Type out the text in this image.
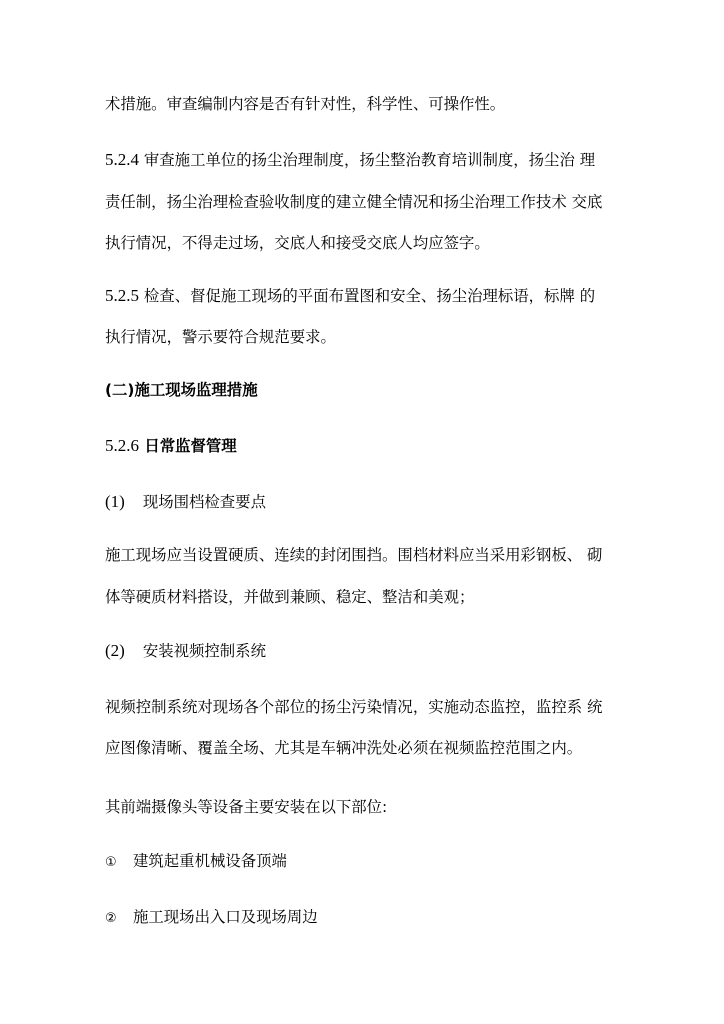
术措施。审查编制内容是否有针对性，科学性、可操作性。
5.2.4 审查施工单位的扬尘治理制度，扬尘整治教育培训制度，扬尘治 理
责任制，扬尘治理检查验收制度的建立健全情况和扬尘治理工作技术 交底
执行情况，不得走过场，交底人和接受交底人均应签字。
5.2.5 检查、督促施工现场的平面布置图和安全、扬尘治理标语，标牌 的
执行情况，警示要符合规范要求。
(二)施工现场监理措施
5.2.6 日常监督管理
(1) 现场围档检查要点
施工现场应当设置硬质、连续的封闭围挡。围档材料应当采用彩钢板、 砌
体等硬质材料搭设，并做到兼顾、稳定、整洁和美观；
(2) 安装视频控制系统
视频控制系统对现场各个部位的扬尘污染情况，实施动态监控，监控系 统
应图像清晰、覆盖全场、尤其是车辆冲洗处必须在视频监控范围之内。
其前端摄像头等设备主要安装在以下部位:
① 建筑起重机械设备顶端
② 施工现场出入口及现场周边
